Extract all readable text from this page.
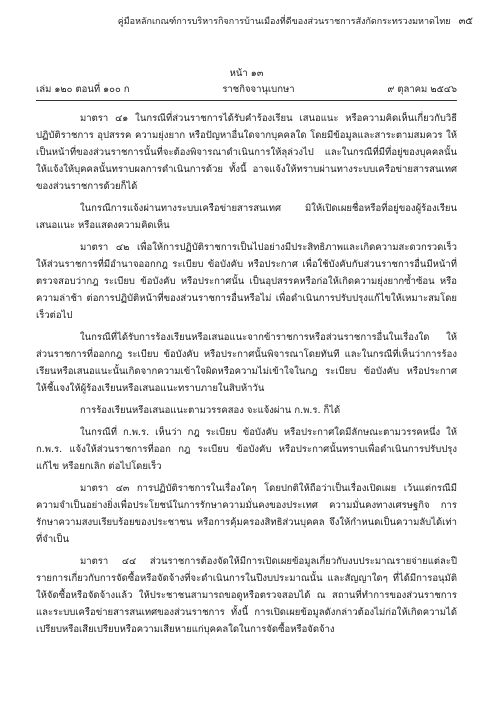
คู่มือหลักเกณฑ์การบริหารกิจการบ้านเมืองที่ดีของส่วนราชการสังกัดกระทรวงมหาดไทย ๓๕
หน้า ๑๓
เล่ม ๑๒๐ ตอนที่ ๑๐๐ ก	ราชกิจจานุเบกษา	๙ ตุลาคม ๒๕๔๖

มาตรา ๔๑ ในกรณีที่ส่วนราชการได้รับคำร้องเรียน เสนอแนะ หรือความคิดเห็นเกี่ยวกับวิธีปฏิบัติราชการ อุปสรรค ความยุ่งยาก หรือปัญหาอื่นใดจากบุคคลใด โดยมีข้อมูลและสาระตามสมควร ให้เป็นหน้าที่ของส่วนราชการนั้นที่จะต้องพิจารณาดำเนินการให้ลุล่วงไป และในกรณีที่มีที่อยู่ของบุคคลนั้น ให้แจ้งให้บุคคลนั้นทราบผลการดำเนินการด้วย ทั้งนี้ อาจแจ้งให้ทราบผ่านทางระบบเครือข่ายสารสนเทศของส่วนราชการด้วยก็ได้

ในกรณีการแจ้งผ่านทางระบบเครือข่ายสารสนเทศ มิให้เปิดเผยชื่อหรือที่อยู่ของผู้ร้องเรียนเสนอแนะ หรือแสดงความคิดเห็น

มาตรา ๔๒ เพื่อให้การปฏิบัติราชการเป็นไปอย่างมีประสิทธิภาพและเกิดความสะดวกรวดเร็ว ให้ส่วนราชการที่มีอำนาจออกกฎ ระเบียบ ข้อบังคับ หรือประกาศ เพื่อใช้บังคับกับส่วนราชการอื่นมีหน้าที่ตรวจสอบว่ากฎ ระเบียบ ข้อบังคับ หรือประกาศนั้น เป็นอุปสรรคหรือก่อให้เกิดความยุ่งยากซ้ำซ้อน หรือความล่าช้า ต่อการปฏิบัติหน้าที่ของส่วนราชการอื่นหรือไม่ เพื่อดำเนินการปรับปรุงแก้ไขให้เหมาะสมโดยเร็วต่อไป

ในกรณีที่ได้รับการร้องเรียนหรือเสนอแนะจากข้าราชการหรือส่วนราชการอื่นในเรื่องใด ให้ส่วนราชการที่ออกกฎ ระเบียบ ข้อบังคับ หรือประกาศนั้นพิจารณาโดยทันที และในกรณีที่เห็นว่าการร้องเรียนหรือเสนอแนะนั้นเกิดจากความเข้าใจผิดหรือความไม่เข้าใจในกฎ ระเบียบ ข้อบังคับ หรือประกาศ ให้ชี้แจงให้ผู้ร้องเรียนหรือเสนอแนะทราบภายในสิบห้าวัน

การร้องเรียนหรือเสนอแนะตามวรรคสอง จะแจ้งผ่าน ก.พ.ร. ก็ได้

ในกรณีที่ ก.พ.ร. เห็นว่า กฎ ระเบียบ ข้อบังคับ หรือประกาศใดมีลักษณะตามวรรคหนึ่ง ให้ ก.พ.ร. แจ้งให้ส่วนราชการที่ออก กฎ ระเบียบ ข้อบังคับ หรือประกาศนั้นทราบเพื่อดำเนินการปรับปรุงแก้ไข หรือยกเลิก ต่อไปโดยเร็ว

มาตรา ๔๓ การปฏิบัติราชการในเรื่องใดๆ โดยปกติให้ถือว่าเป็นเรื่องเปิดเผย เว้นแต่กรณีมีความจำเป็นอย่างยิ่งเพื่อประโยชน์ในการรักษาความมั่นคงของประเทศ ความมั่นคงทางเศรษฐกิจ การรักษาความสงบเรียบร้อยของประชาชน หรือการคุ้มครองสิทธิส่วนบุคคล จึงให้กำหนดเป็นความลับได้เท่าที่จำเป็น

มาตรา ๔๔ ส่วนราชการต้องจัดให้มีการเปิดเผยข้อมูลเกี่ยวกับงบประมาณรายจ่ายแต่ละปี รายการเกี่ยวกับการจัดซื้อหรือจัดจ้างที่จะดำเนินการในปีงบประมาณนั้น และสัญญาใดๆ ที่ได้มีการอนุมัติให้จัดซื้อหรือจัดจ้างแล้ว ให้ประชาชนสามารถขอดูหรือตรวจสอบได้ ณ สถานที่ทำการของส่วนราชการ และระบบเครือข่ายสารสนเทศของส่วนราชการ ทั้งนี้ การเปิดเผยข้อมูลดังกล่าวต้องไม่ก่อให้เกิดความได้เปรียบหรือเสียเปรียบหรือความเสียหายแก่บุคคลใดในการจัดซื้อหรือจัดจ้าง
